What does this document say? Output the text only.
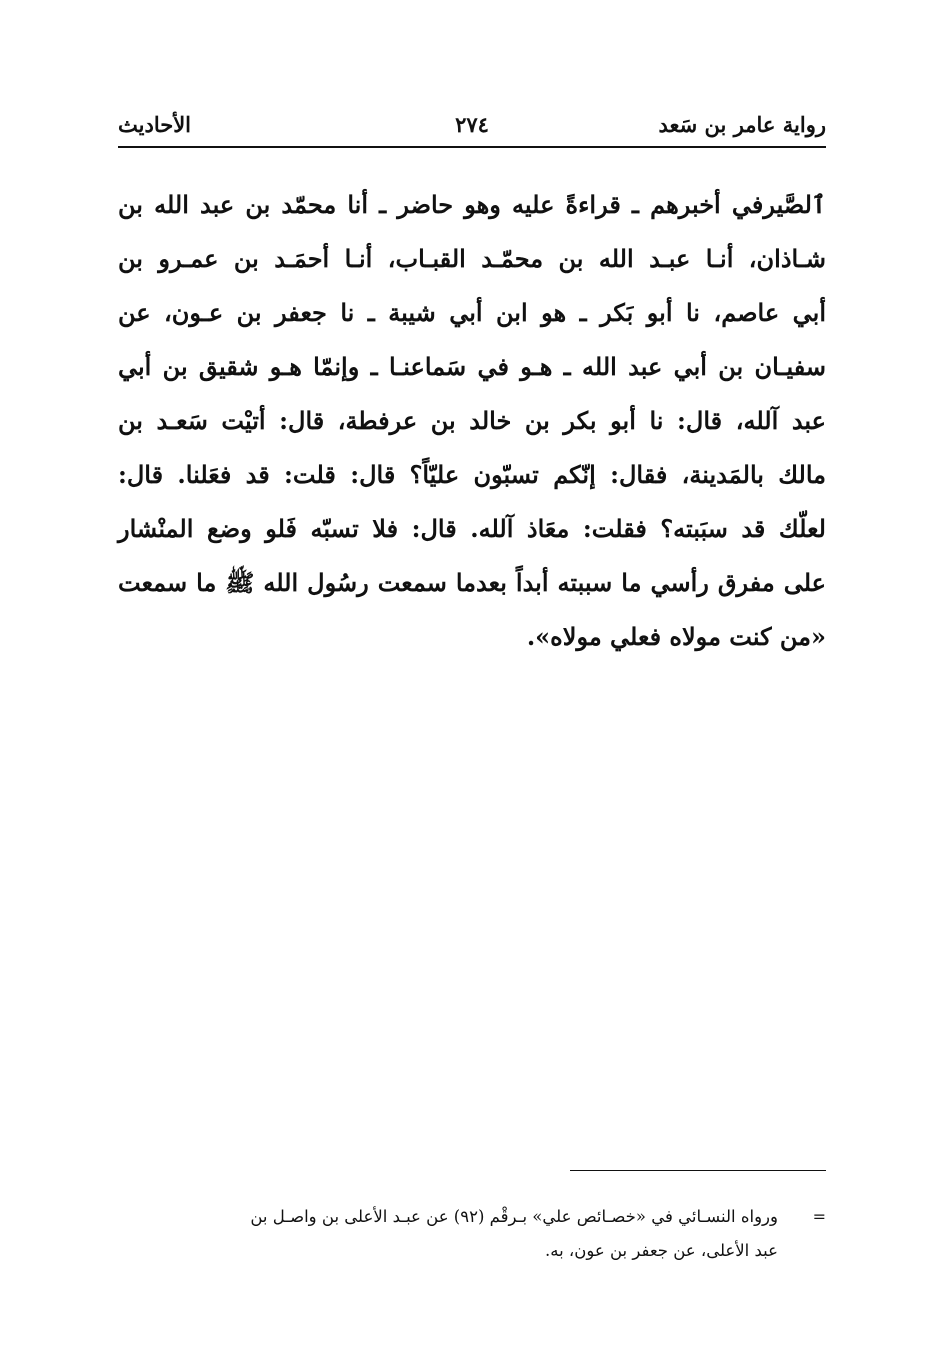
رواية عامر بن سَعد
٢٧٤
الأحاديث
ٱلصَّيرفي أخبرهم ـ قراءةً عليه وهو حاضر ـ أنا محمّد بن عبد الله بن
شـاذان، أنـا عبـد الله بن محمّـد القبـاب، أنـا أحمَـد بن عمـرو بن
أبي عاصم، نا أبو بَكر ـ هو ابن أبي شيبة ـ نا جعفر بن عـون، عن
سفيـان بن أبي عبد الله ـ هـو في سَماعنـا ـ وإنمّا هـو شقيق بن أبي
عبد آلله، قال: نا أبو بكر بن خالد بن عرفطة، قال: أتيْت سَعـد بن
مالك بالمَدينة، فقال: إنّكم تسبّون عليّاً؟ قال: قلت: قد فعَلنا. قال:
لعلّك قد سبَبته؟ فقلت: معَاذ آلله. قال: فلا تسبّه فَلو وضع المنْشار
على مفرق رأسي ما سببته أبداً بعدما سمعت رسُول الله ﷺ ما سمعت
«من كنت مولاه فعلي مولاه».
=
ورواه النسـائي في «خصـائص علي» بـرقْم (٩٢) عن عبـد الأعلى بن واصـل بن
عبد الأعلى، عن جعفر بن عون، به.
